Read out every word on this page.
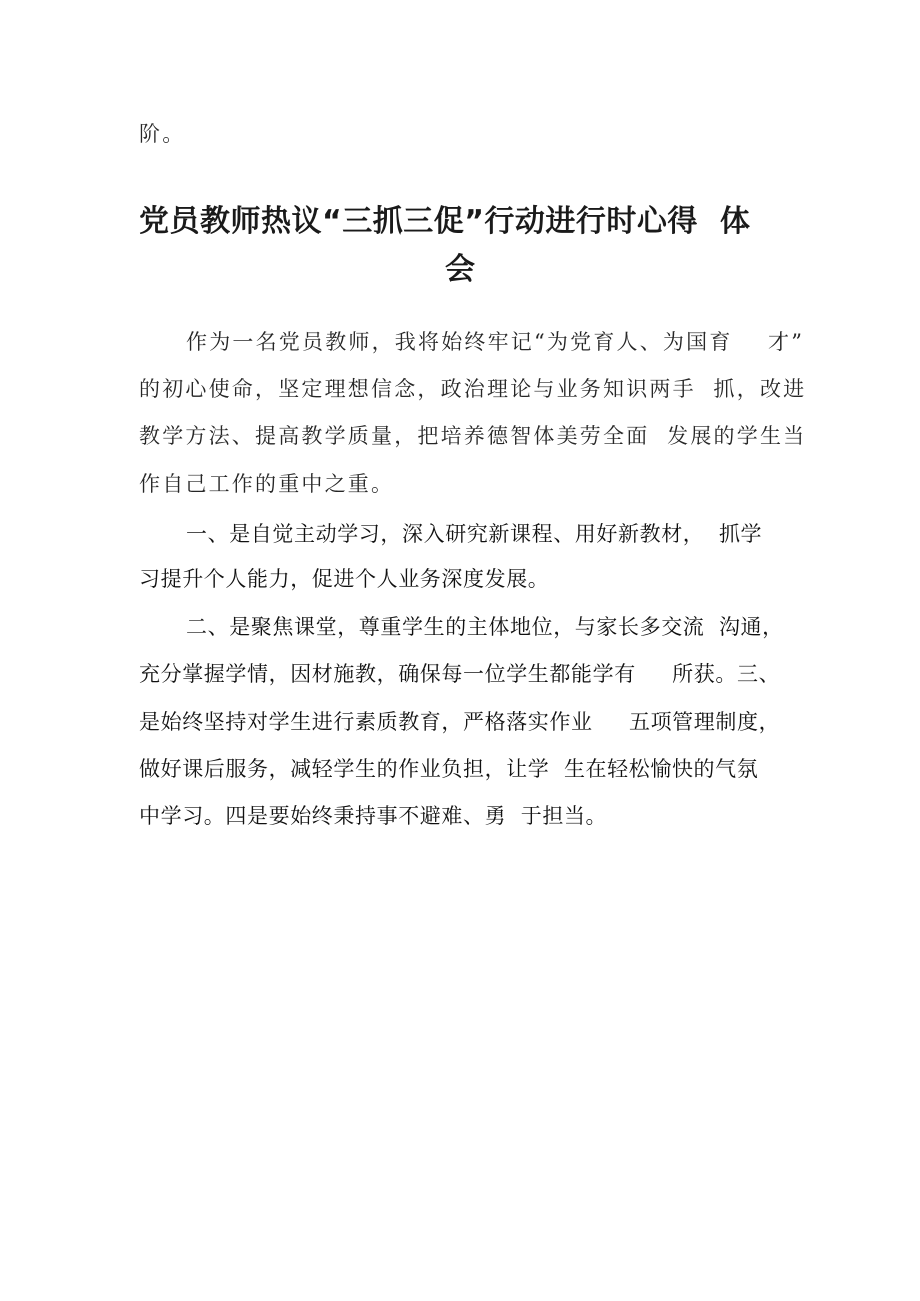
阶。

党员教师热议“三抓三促”行动进行时心得  体
会

作为一名党员教师，我将始终牢记“为党育人、为国育    才”

的初心使命，坚定理想信念，政治理论与业务知识两手  抓，改进

教学方法、提高教学质量，把培养德智体美劳全面  发展的学生当

作自己工作的重中之重。

一、是自觉主动学习，深入研究新课程、用好新教材，  抓学

习提升个人能力，促进个人业务深度发展。

二、是聚焦课堂，尊重学生的主体地位，与家长多交流  沟通，

充分掌握学情，因材施教，确保每一位学生都能学有     所获。三、

是始终坚持对学生进行素质教育，严格落实作业     五项管理制度，

做好课后服务，减轻学生的作业负担，让学  生在轻松愉快的气氛

中学习。四是要始终秉持事不避难、勇  于担当。
